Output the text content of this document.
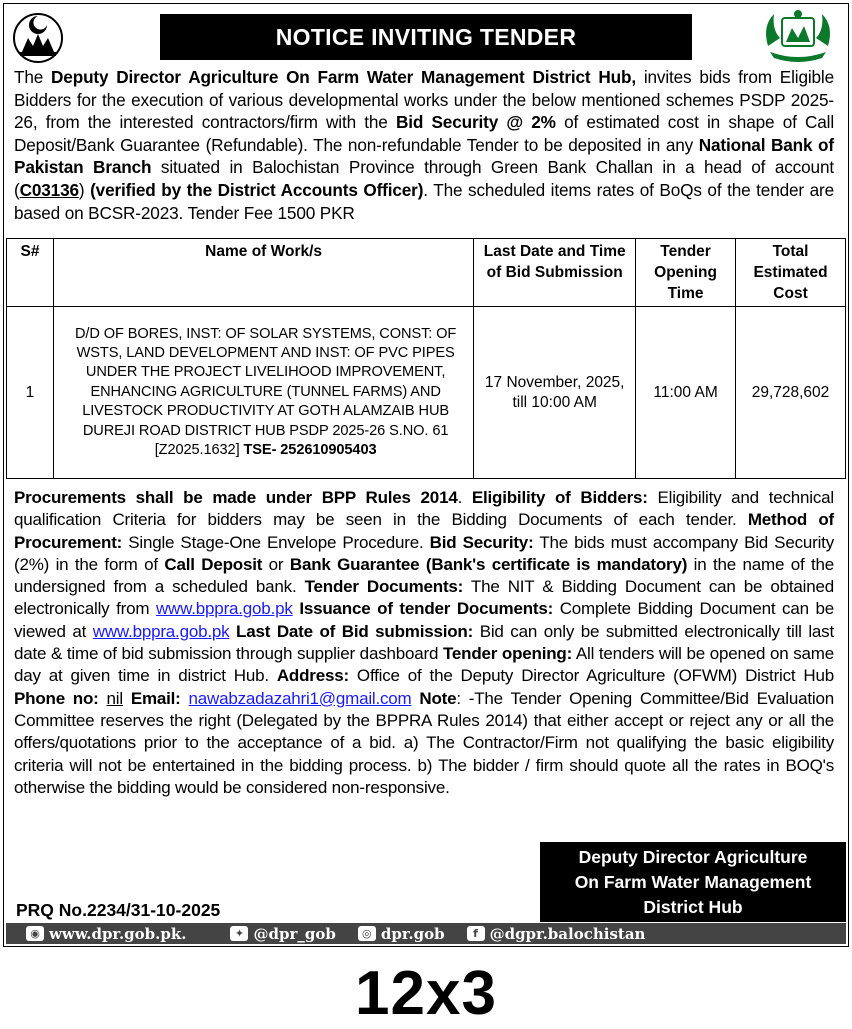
NOTICE INVITING TENDER
The Deputy Director Agriculture On Farm Water Management District Hub, invites bids from Eligible Bidders for the execution of various developmental works under the below mentioned schemes PSDP 2025-26, from the interested contractors/firm with the Bid Security @ 2% of estimated cost in shape of Call Deposit/Bank Guarantee (Refundable). The non-refundable Tender to be deposited in any National Bank of Pakistan Branch situated in Balochistan Province through Green Bank Challan in a head of account (C03136) (verified by the District Accounts Officer). The scheduled items rates of BoQs of the tender are based on BCSR-2023. Tender Fee 1500 PKR
S#	Name of Work/s	Last Date and Time of Bid Submission	Tender Opening Time	Total Estimated Cost
1	D/D OF BORES, INST: OF SOLAR SYSTEMS, CONST: OF WSTS, LAND DEVELOPMENT AND INST: OF PVC PIPES UNDER THE PROJECT LIVELIHOOD IMPROVEMENT, ENHANCING AGRICULTURE (TUNNEL FARMS) AND LIVESTOCK PRODUCTIVITY AT GOTH ALAMZAIB HUB DUREJI ROAD DISTRICT HUB PSDP 2025-26 S.NO. 61 [Z2025.1632] TSE- 252610905403	17 November, 2025, till 10:00 AM	11:00 AM	29,728,602
Procurements shall be made under BPP Rules 2014. Eligibility of Bidders: Eligibility and technical qualification Criteria for bidders may be seen in the Bidding Documents of each tender. Method of Procurement: Single Stage-One Envelope Procedure. Bid Security: The bids must accompany Bid Security (2%) in the form of Call Deposit or Bank Guarantee (Bank's certificate is mandatory) in the name of the undersigned from a scheduled bank. Tender Documents: The NIT & Bidding Document can be obtained electronically from www.bppra.gob.pk Issuance of tender Documents: Complete Bidding Document can be viewed at www.bppra.gob.pk Last Date of Bid submission: Bid can only be submitted electronically till last date & time of bid submission through supplier dashboard Tender opening: All tenders will be opened on same day at given time in district Hub. Address: Office of the Deputy Director Agriculture (OFWM) District Hub Phone no: nil Email: nawabzadazahri1@gmail.com Note: -The Tender Opening Committee/Bid Evaluation Committee reserves the right (Delegated by the BPPRA Rules 2014) that either accept or reject any or all the offers/quotations prior to the acceptance of a bid. a) The Contractor/Firm not qualifying the basic eligibility criteria will not be entertained in the bidding process. b) The bidder / firm should quote all the rates in BOQ's otherwise the bidding would be considered non-responsive.
Deputy Director Agriculture
On Farm Water Management
District Hub
PRQ No.2234/31-10-2025
◉ www.dpr.gob.pk.	✦ @dpr_gob	◎ dpr.gob	f @dgpr.balochistan
12x3
